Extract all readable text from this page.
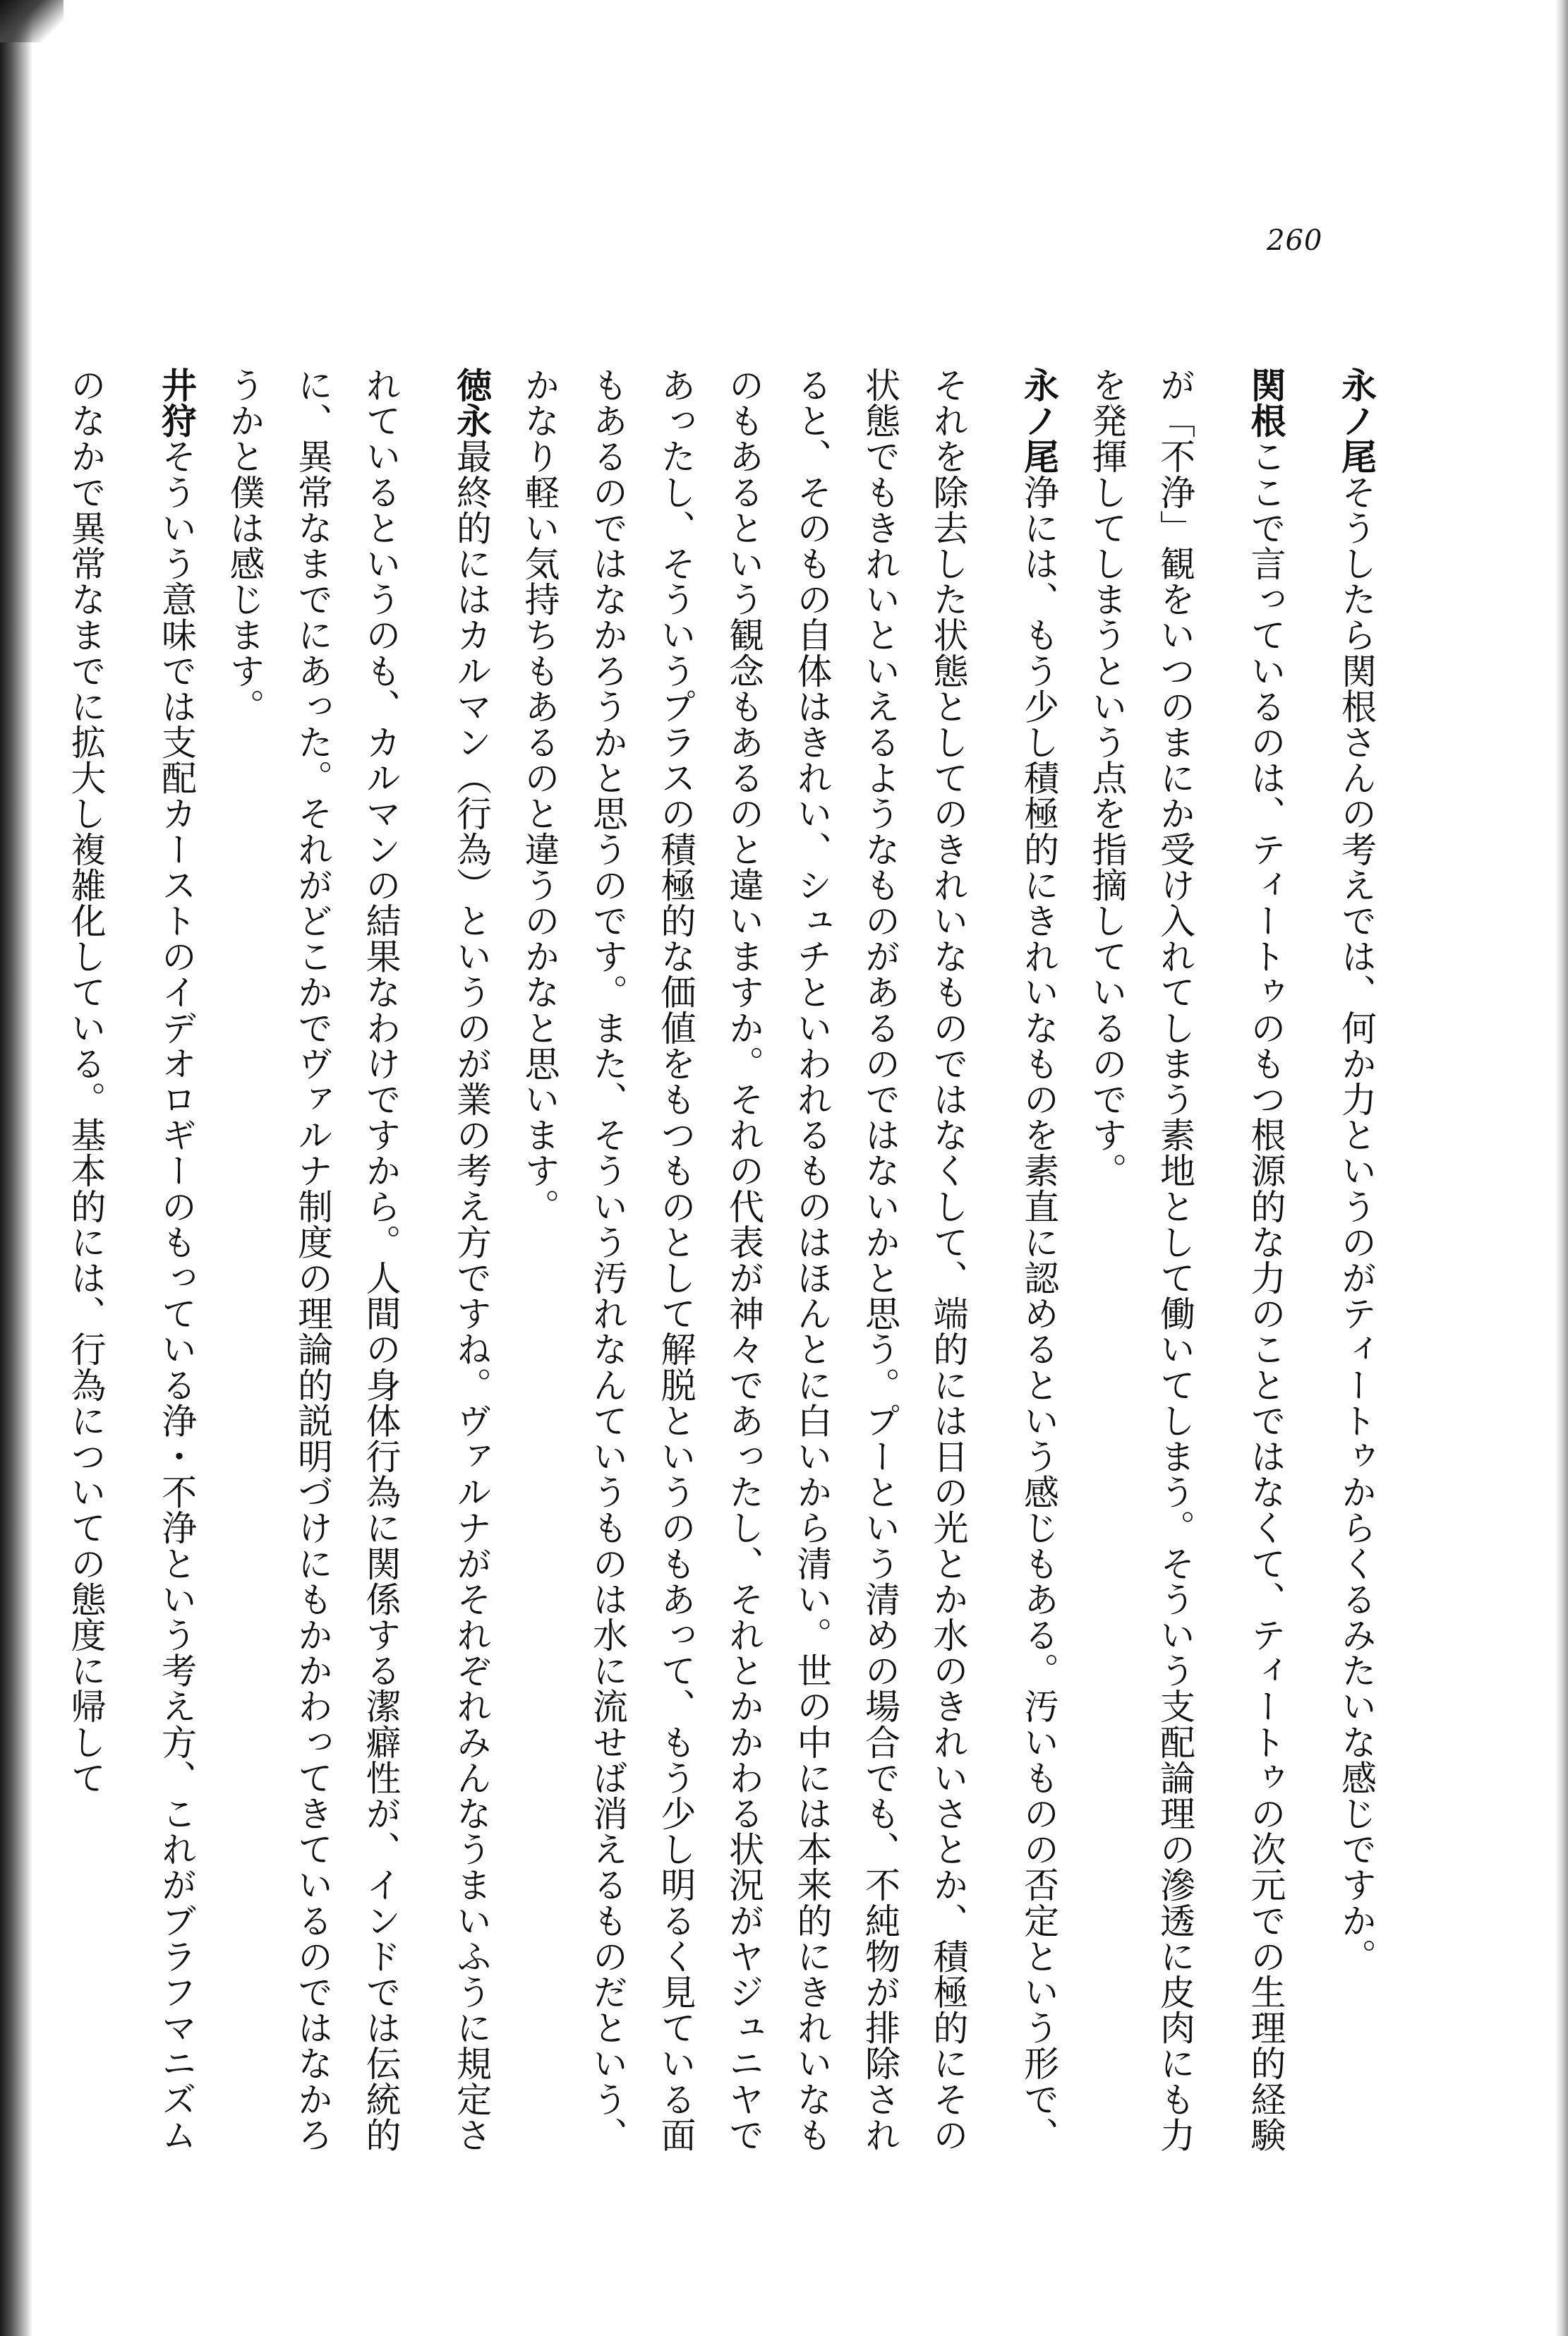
260

永ノ尾そうしたら関根さんの考えでは、何か力というのがティートゥからくるみたいな感じですか。

関根ここで言っているのは、ティートゥのもつ根源的な力のことではなくて、ティートゥの次元での生理的経験が「不浄」観をいつのまにか受け入れてしまう素地として働いてしまう。そういう支配論理の滲透に皮肉にも力を発揮してしまうという点を指摘しているのです。

永ノ尾浄には、もう少し積極的にきれいなものを素直に認めるという感じもある。汚いものの否定という形で、それを除去した状態としてのきれいなものではなくして、端的には日の光とか水のきれいさとか、積極的にその状態でもきれいといえるようなものがあるのではないかと思う。プーという清めの場合でも、不純物が排除されると、そのもの自体はきれい、シュチといわれるものはほんとに白いから清い。世の中には本来的にきれいなものもあるという観念もあるのと違いますか。それの代表が神々であったし、それとかかわる状況がヤジュニヤであったし、そういうプラスの積極的な価値をもつものとして解脱というのもあって、もう少し明るく見ている面もあるのではなかろうかと思うのです。また、そういう汚れなんていうものは水に流せば消えるものだという、かなり軽い気持ちもあるのと違うのかなと思います。

徳永最終的にはカルマン（行為）というのが業の考え方ですね。ヴァルナがそれぞれみんなうまいふうに規定されているというのも、カルマンの結果なわけですから。人間の身体行為に関係する潔癖性が、インドでは伝統的に、異常なまでにあった。それがどこかでヴァルナ制度の理論的説明づけにもかかわってきているのではなかろうかと僕は感じます。

井狩そういう意味では支配カーストのイデオロギーのもっている浄・不浄という考え方、これがブラフマニズムのなかで異常なまでに拡大し複雑化している。基本的には、行為についての態度に帰して
